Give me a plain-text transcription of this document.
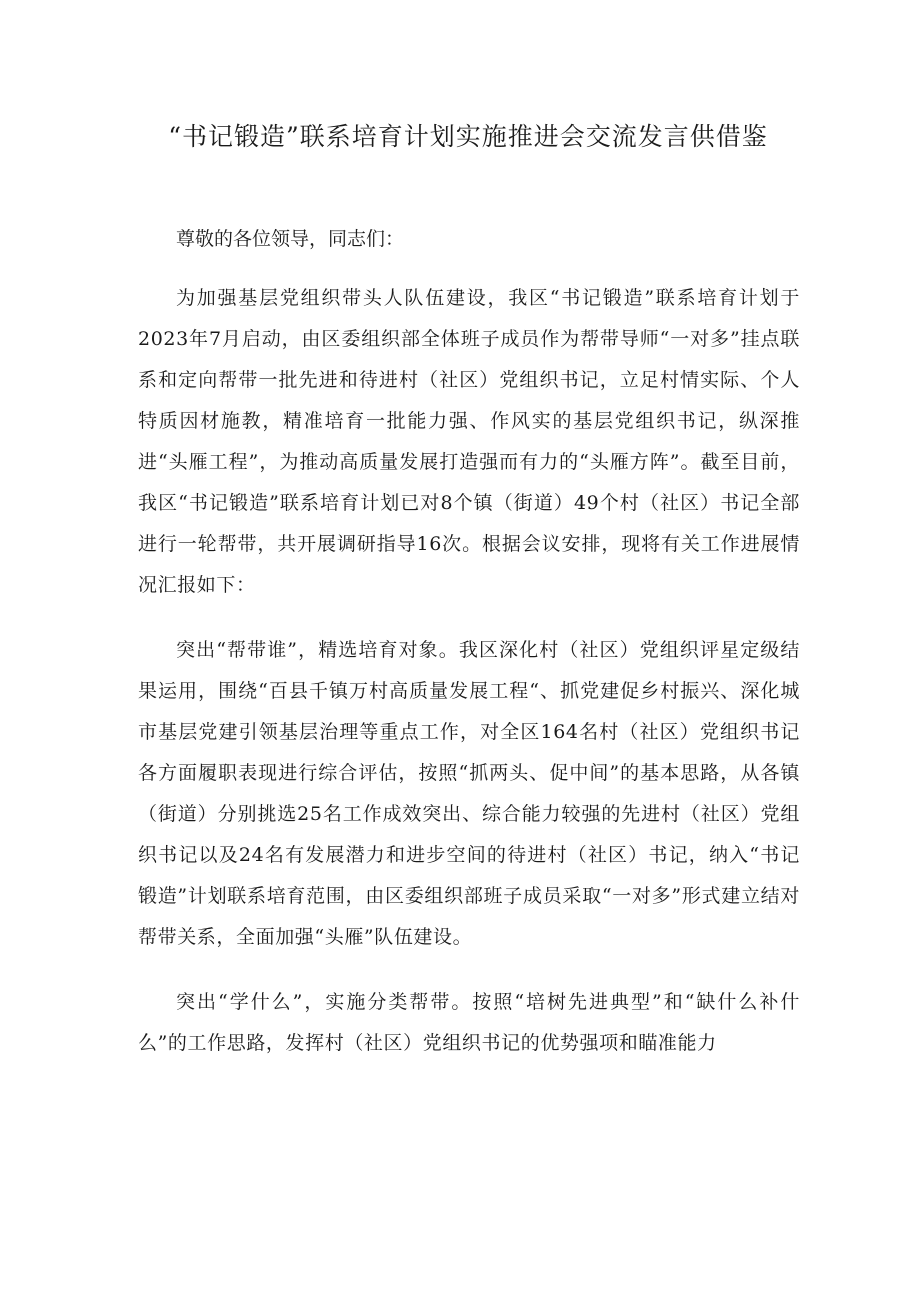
“书记锻造”联系培育计划实施推进会交流发言供借鉴

尊敬的各位领导，同志们：

为加强基层党组织带头人队伍建设，我区“书记锻造”联系培育计划于2023年7月启动，由区委组织部全体班子成员作为帮带导师“一对多”挂点联系和定向帮带一批先进和待进村（社区）党组织书记，立足村情实际、个人特质因材施教，精准培育一批能力强、作风实的基层党组织书记，纵深推进“头雁工程”，为推动高质量发展打造强而有力的“头雁方阵”。截至目前，我区“书记锻造”联系培育计划已对8个镇（街道）49个村（社区）书记全部进行一轮帮带，共开展调研指导16次。根据会议安排，现将有关工作进展情况汇报如下：

突出“帮带谁”，精选培育对象。我区深化村（社区）党组织评星定级结果运用，围绕“百县千镇万村高质量发展工程“、抓党建促乡村振兴、深化城市基层党建引领基层治理等重点工作，对全区164名村（社区）党组织书记各方面履职表现进行综合评估，按照“抓两头、促中间”的基本思路，从各镇（街道）分别挑选25名工作成效突出、综合能力较强的先进村（社区）党组织书记以及24名有发展潜力和进步空间的待进村（社区）书记，纳入“书记锻造”计划联系培育范围，由区委组织部班子成员采取“一对多”形式建立结对帮带关系，全面加强“头雁”队伍建设。

突出“学什么”，实施分类帮带。按照“培树先进典型”和“缺什么补什么”的工作思路，发挥村（社区）党组织书记的优势强项和瞄准能力
